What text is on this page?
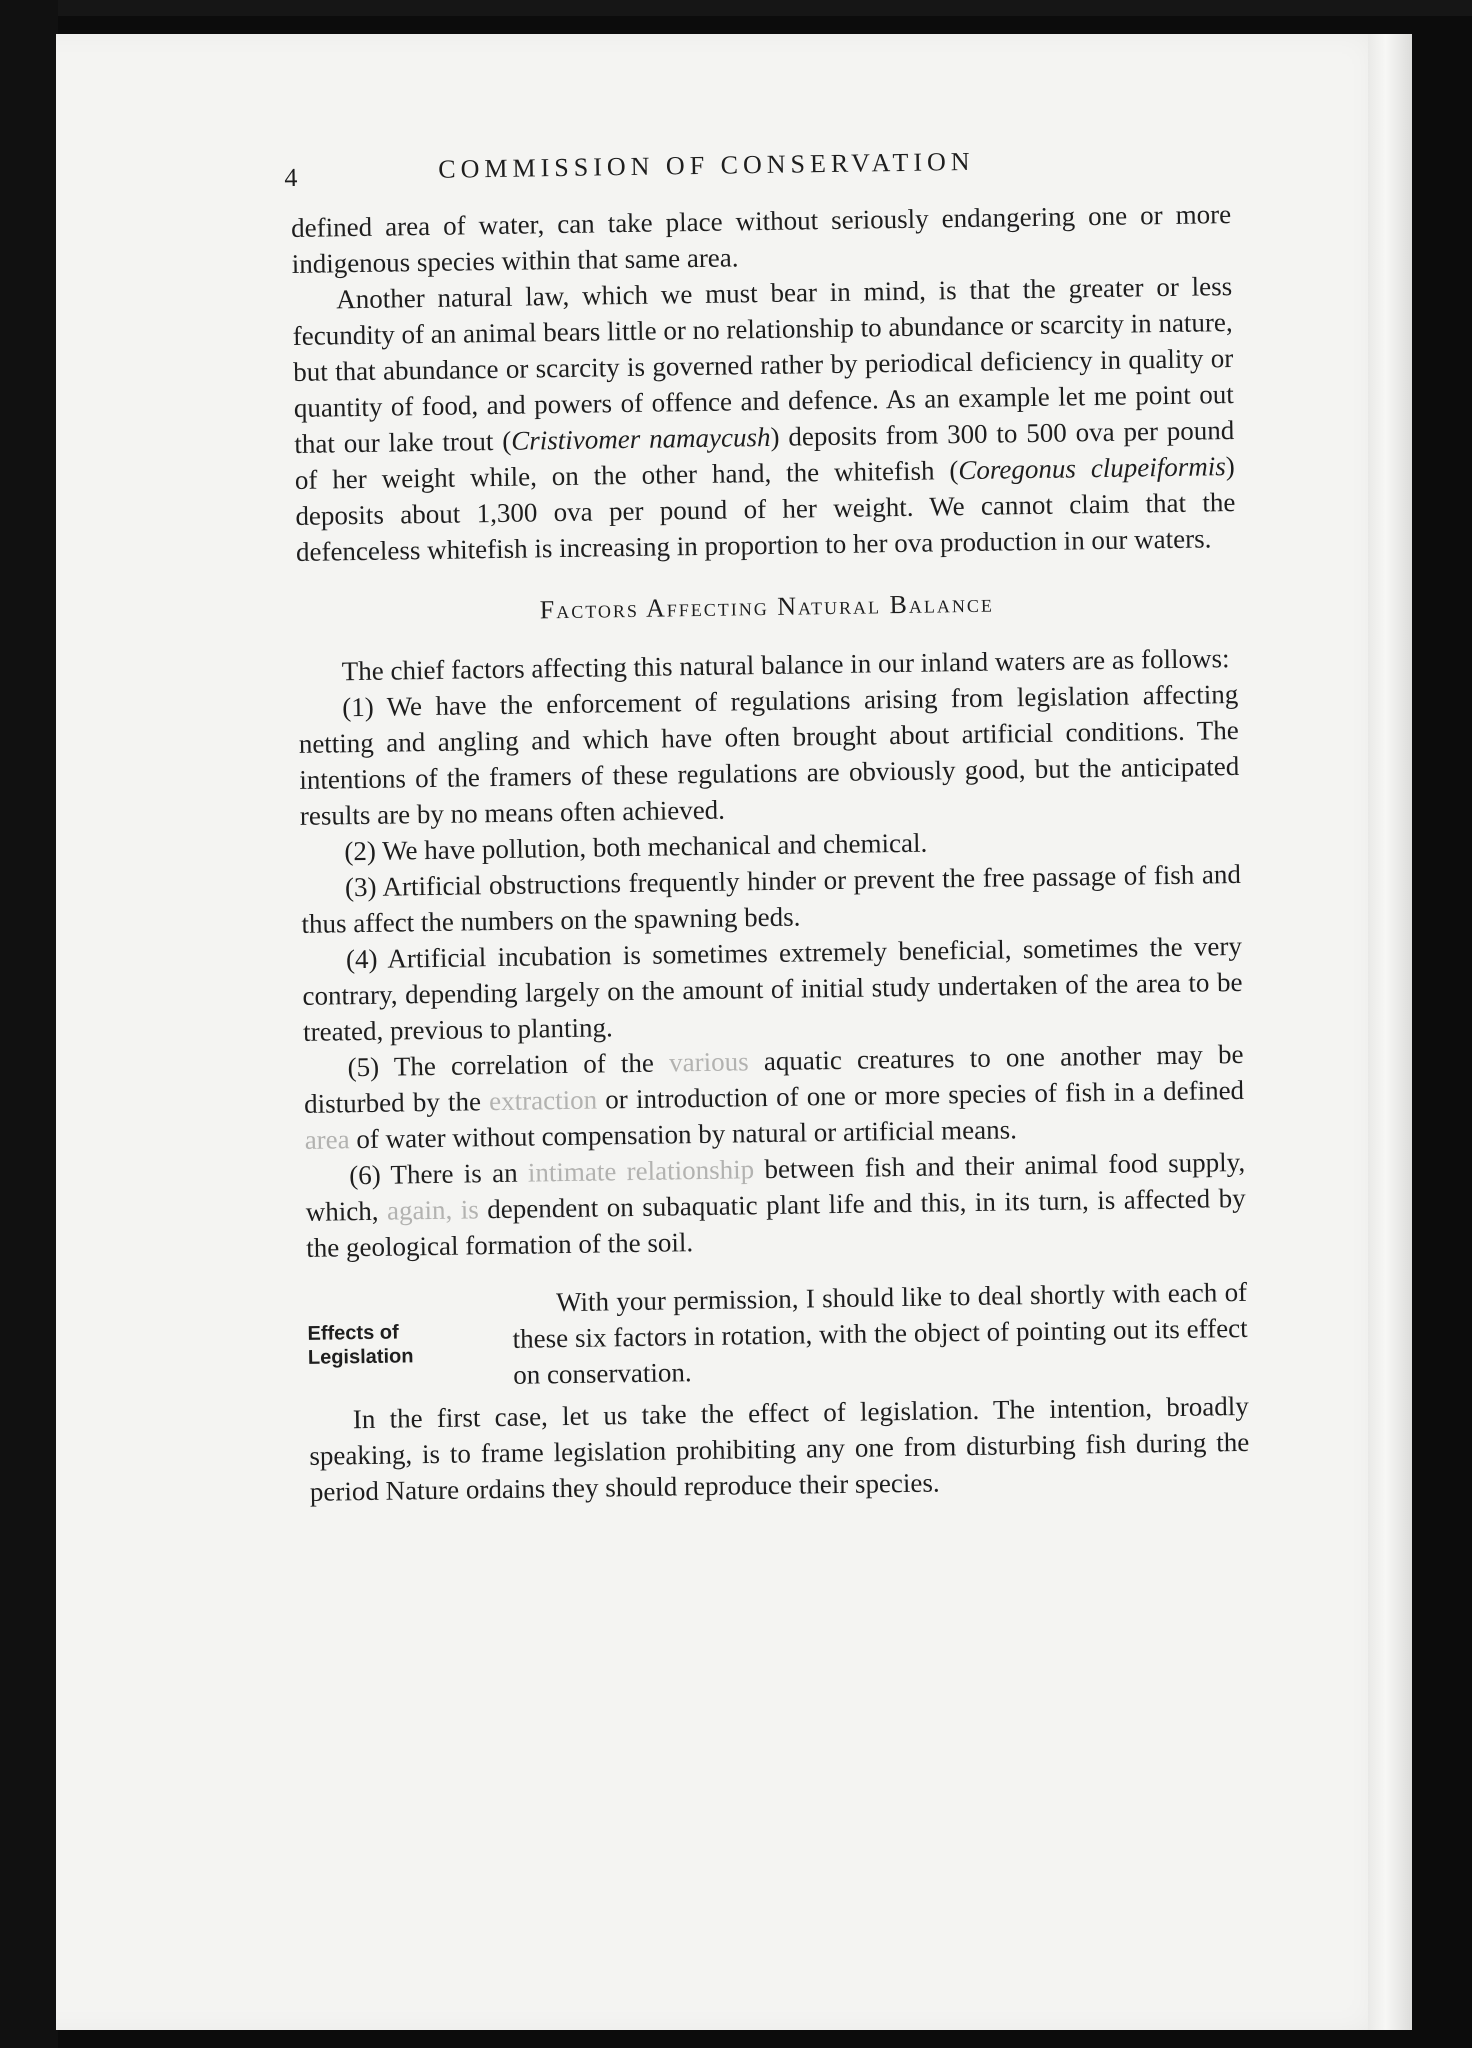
4	COMMISSION OF CONSERVATION

defined area of water, can take place without seriously endangering one or more indigenous species within that same area.

Another natural law, which we must bear in mind, is that the greater or less fecundity of an animal bears little or no relationship to abundance or scarcity in nature, but that abundance or scarcity is governed rather by periodical deficiency in quality or quantity of food, and powers of offence and defence. As an example let me point out that our lake trout (Cristivomer namaycush) deposits from 300 to 500 ova per pound of her weight while, on the other hand, the whitefish (Coregonus clupeiformis) deposits about 1,300 ova per pound of her weight. We cannot claim that the defenceless whitefish is increasing in proportion to her ova production in our waters.

Factors Affecting Natural Balance

The chief factors affecting this natural balance in our inland waters are as follows:

(1) We have the enforcement of regulations arising from legislation affecting netting and angling and which have often brought about artificial conditions. The intentions of the framers of these regulations are obviously good, but the anticipated results are by no means often achieved.

(2) We have pollution, both mechanical and chemical.

(3) Artificial obstructions frequently hinder or prevent the free passage of fish and thus affect the numbers on the spawning beds.

(4) Artificial incubation is sometimes extremely beneficial, sometimes the very contrary, depending largely on the amount of initial study undertaken of the area to be treated, previous to planting.

(5) The correlation of the various aquatic creatures to one another may be disturbed by the extraction or introduction of one or more species of fish in a defined area of water without compensation by natural or artificial means.

(6) There is an intimate relationship between fish and their animal food supply, which, again, is dependent on subaquatic plant life and this, in its turn, is affected by the geological formation of the soil.

Effects of
Legislation

With your permission, I should like to deal shortly with each of these six factors in rotation, with the object of pointing out its effect on conservation.

In the first case, let us take the effect of legislation. The intention, broadly speaking, is to frame legislation prohibiting any one from disturbing fish during the period Nature ordains they should reproduce their species.
